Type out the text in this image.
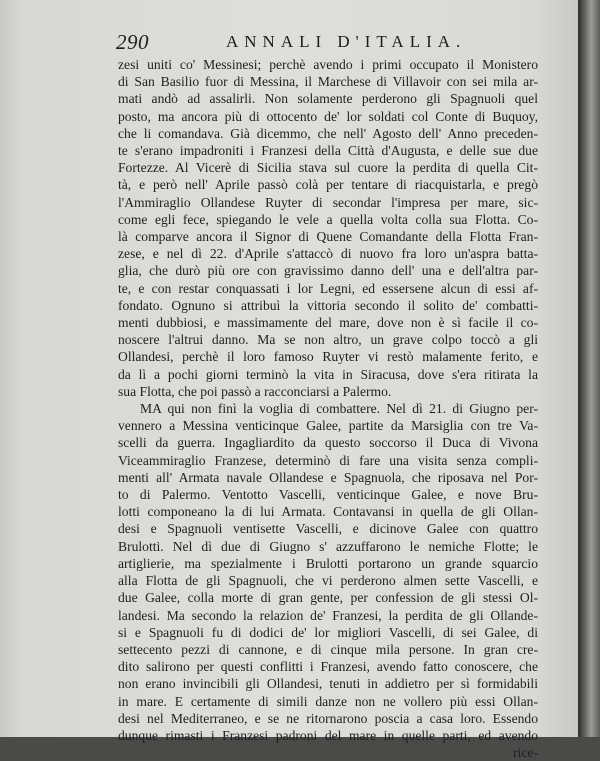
290	ANNALI D'ITALIA.
zesi uniti co' Messinesi; perchè avendo i primi occupato il Monistero
di San Basilio fuor di Messina, il Marchese di Villavoir con sei mila ar-
mati andò ad assalirli. Non solamente perderono gli Spagnuoli quel
posto, ma ancora più di ottocento de' lor soldati col Conte di Buquoy,
che li comandava. Già dicemmo, che nell' Agosto dell' Anno preceden-
te s'erano impadroniti i Franzesi della Città d'Augusta, e delle sue due
Fortezze. Al Vicerè di Sicilia stava sul cuore la perdita di quella Cit-
tà, e però nell' Aprile passò colà per tentare di riacquistarla, e pregò
l'Ammiraglio Ollandese Ruyter di secondar l'impresa per mare, sic-
come egli fece, spiegando le vele a quella volta colla sua Flotta. Co-
là comparve ancora il Signor di Quene Comandante della Flotta Fran-
zese, e nel dì 22. d'Aprile s'attaccò di nuovo fra loro un'aspra batta-
glia, che durò più ore con gravissimo danno dell' una e dell'altra par-
te, e con restar conquassati i lor Legni, ed essersene alcun di essi af-
fondato. Ognuno si attribuì la vittoria secondo il solito de' combatti-
menti dubbiosi, e massimamente del mare, dove non è sì facile il co-
noscere l'altrui danno. Ma se non altro, un grave colpo toccò a gli
Ollandesi, perchè il loro famoso Ruyter vi restò malamente ferito, e
da lì a pochi giorni terminò la vita in Siracusa, dove s'era ritirata la
sua Flotta, che poi passò a racconciarsi a Palermo.
MA qui non finì la voglia di combattere. Nel dì 21. di Giugno per-
vennero a Messina venticinque Galee, partite da Marsiglia con tre Va-
scelli da guerra. Ingagliardito da questo soccorso il Duca di Vivona
Viceammiraglio Franzese, determinò di fare una visita senza compli-
menti all' Armata navale Ollandese e Spagnuola, che riposava nel Por-
to di Palermo. Ventotto Vascelli, venticinque Galee, e nove Bru-
lotti componeano la di lui Armata. Contavansi in quella de gli Ollan-
desi e Spagnuoli ventisette Vascelli, e dicinove Galee con quattro
Brulotti. Nel dì due di Giugno s' azzuffarono le nemiche Flotte; le
artiglierie, ma spezialmente i Brulotti portarono un grande squarcio
alla Flotta de gli Spagnuoli, che vi perderono almen sette Vascelli, e
due Galee, colla morte di gran gente, per confession de gli stessi Ol-
landesi. Ma secondo la relazion de' Franzesi, la perdita de gli Ollande-
si e Spagnuoli fu di dodici de' lor migliori Vascelli, di sei Galee, di
settecento pezzi di cannone, e di cinque mila persone. In gran cre-
dito salirono per questi conflitti i Franzesi, avendo fatto conoscere, che
non erano invincibili gli Ollandesi, tenuti in addietro per sì formidabili
in mare. E certamente di simili danze non ne vollero più essi Ollan-
desi nel Mediterraneo, e se ne ritornarono poscia a casa loro. Essendo
dunque rimasti i Franzesi padroni del mare in quelle parti, ed avendo
rice-
